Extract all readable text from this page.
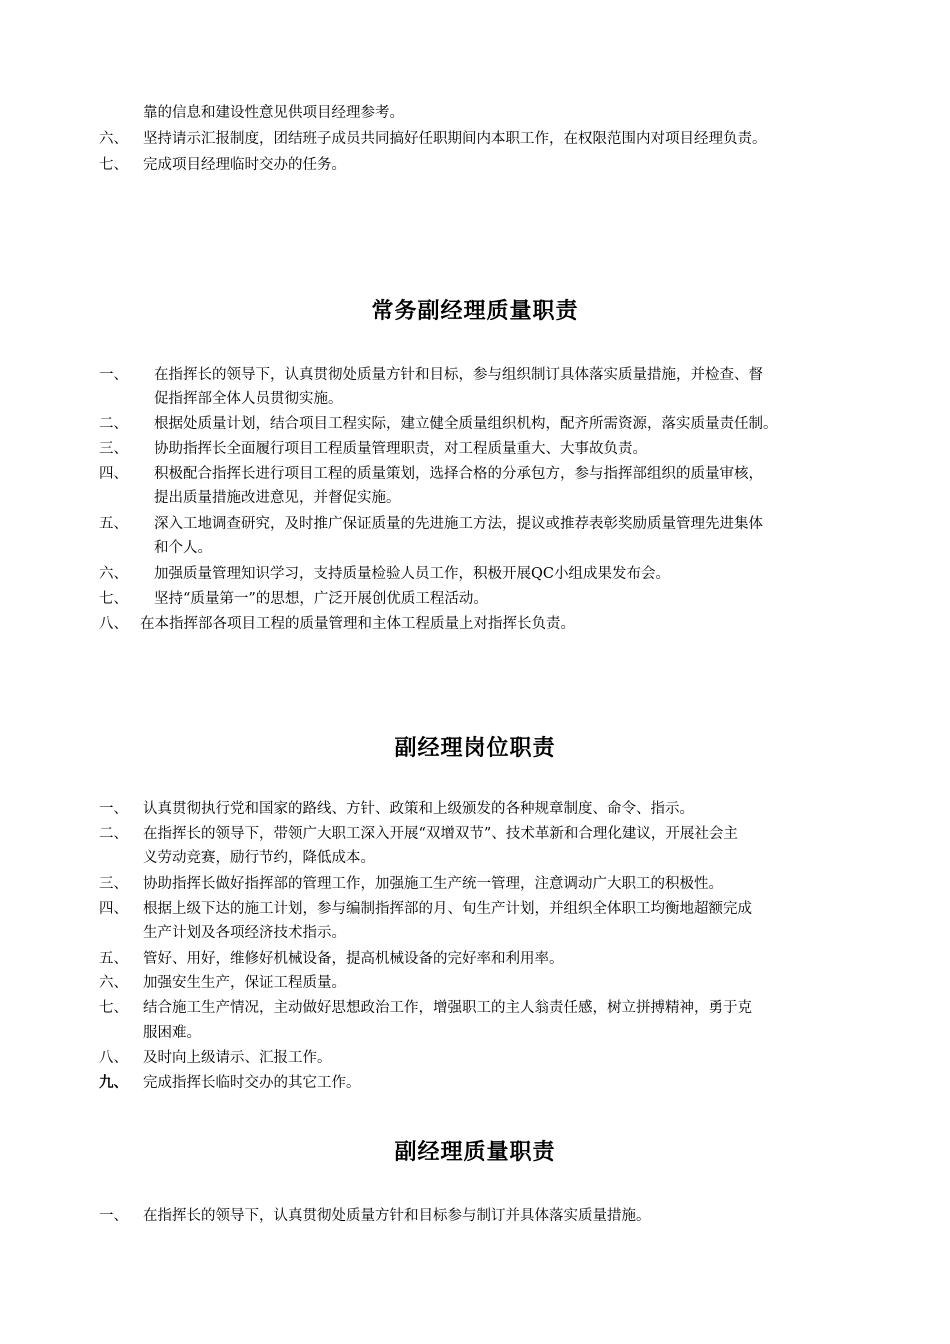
靠的信息和建设性意见供项目经理参考。
六、 坚持请示汇报制度，团结班子成员共同搞好任职期间内本职工作，在权限范围内对项目经理负责。
七、 完成项目经理临时交办的任务。
常务副经理质量职责
一、 在指挥长的领导下，认真贯彻处质量方针和目标，参与组织制订具体落实质量措施，并检查、督
促指挥部全体人员贯彻实施。
二、 根据处质量计划，结合项目工程实际，建立健全质量组织机构，配齐所需资源，落实质量责任制。
三、 协助指挥长全面履行项目工程质量管理职责，对工程质量重大、大事故负责。
四、 积极配合指挥长进行项目工程的质量策划，选择合格的分承包方，参与指挥部组织的质量审核，
提出质量措施改进意见，并督促实施。
五、 深入工地调查研究，及时推广保证质量的先进施工方法，提议或推荐表彰奖励质量管理先进集体
和个人。
六、 加强质量管理知识学习，支持质量检验人员工作，积极开展QC小组成果发布会。
七、 坚持“质量第一”的思想，广泛开展创优质工程活动。
八、 在本指挥部各项目工程的质量管理和主体工程质量上对指挥长负责。
副经理岗位职责
一、 认真贯彻执行党和国家的路线、方针、政策和上级颁发的各种规章制度、命令、指示。
二、 在指挥长的领导下，带领广大职工深入开展“双增双节”、技术革新和合理化建议，开展社会主
义劳动竞赛，励行节约，降低成本。
三、 协助指挥长做好指挥部的管理工作，加强施工生产统一管理，注意调动广大职工的积极性。
四、 根据上级下达的施工计划，参与编制指挥部的月、旬生产计划，并组织全体职工均衡地超额完成
生产计划及各项经济技术指示。
五、 管好、用好，维修好机械设备，提高机械设备的完好率和利用率。
六、 加强安生生产，保证工程质量。
七、 结合施工生产情况，主动做好思想政治工作，增强职工的主人翁责任感，树立拼搏精神，勇于克
服困难。
八、 及时向上级请示、汇报工作。
九、 完成指挥长临时交办的其它工作。
副经理质量职责
一、 在指挥长的领导下，认真贯彻处质量方针和目标参与制订并具体落实质量措施。
